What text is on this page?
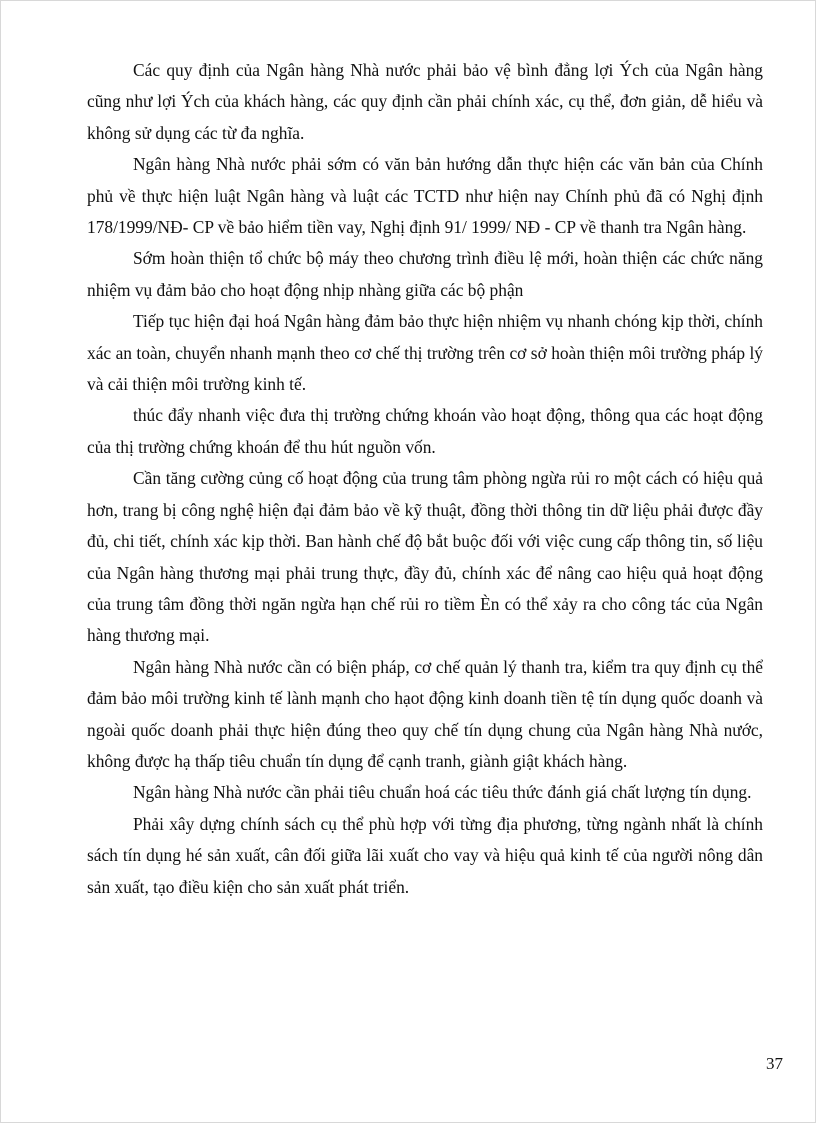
Các quy định của Ngân hàng Nhà nước phải bảo vệ bình đẳng lợi Ých của Ngân hàng cũng như lợi Ých của khách hàng, các quy định cần phải chính xác, cụ thể, đơn giản, dễ hiểu và không sử dụng các từ đa nghĩa.

Ngân hàng Nhà nước phải sớm có văn bản hướng dẫn thực hiện các văn bản của Chính phủ về thực hiện luật Ngân hàng và luật các TCTD như hiện nay Chính phủ đã có Nghị định 178/1999/NĐ- CP về bảo hiểm tiền vay, Nghị định 91/ 1999/ NĐ - CP về thanh tra Ngân hàng.

Sớm hoàn thiện tổ chức bộ máy theo chương trình điều lệ mới, hoàn thiện các chức năng nhiệm vụ đảm bảo cho hoạt động nhịp nhàng giữa các bộ phận

Tiếp tục hiện đại hoá Ngân hàng đảm bảo thực hiện nhiệm vụ nhanh chóng kịp thời, chính xác an toàn, chuyển nhanh mạnh theo cơ chế thị trường trên cơ sở hoàn thiện môi trường pháp lý và cải thiện môi trường kinh tế.

thúc đẩy nhanh việc đưa thị trường chứng khoán vào hoạt động, thông qua các hoạt động của thị trường chứng khoán để thu hút nguồn vốn.

Cần tăng cường củng cố hoạt động của trung tâm phòng ngừa rủi ro một cách có hiệu quả hơn, trang bị công nghệ hiện đại đảm bảo về kỹ thuật, đồng thời thông tin dữ liệu phải được đầy đủ, chi tiết, chính xác kịp thời. Ban hành chế độ bắt buộc đối với việc cung cấp thông tin, số liệu của Ngân hàng thương mại phải trung thực, đầy đủ, chính xác để nâng cao hiệu quả hoạt động của trung tâm đồng thời ngăn ngừa hạn chế rủi ro tiềm Èn có thể xảy ra cho công tác của Ngân hàng thương mại.

Ngân hàng Nhà nước cần có biện pháp, cơ chế quản lý thanh tra, kiểm tra quy định cụ thể đảm bảo môi trường kinh tế lành mạnh cho hạot động kinh doanh tiền tệ tín dụng quốc doanh và ngoài quốc doanh phải thực hiện đúng theo quy chế tín dụng chung của Ngân hàng Nhà nước, không được hạ thấp tiêu chuẩn tín dụng để cạnh tranh, giành giật khách hàng.

Ngân hàng Nhà nước cần phải tiêu chuẩn hoá các tiêu thức đánh giá chất lượng tín dụng.

Phải xây dựng chính sách cụ thể phù hợp với từng địa phương, từng ngành nhất là chính sách tín dụng hé sản xuất, cân đối giữa lãi xuất cho vay và hiệu quả kinh tế của người nông dân sản xuất, tạo điều kiện cho sản xuất phát triển.

37
